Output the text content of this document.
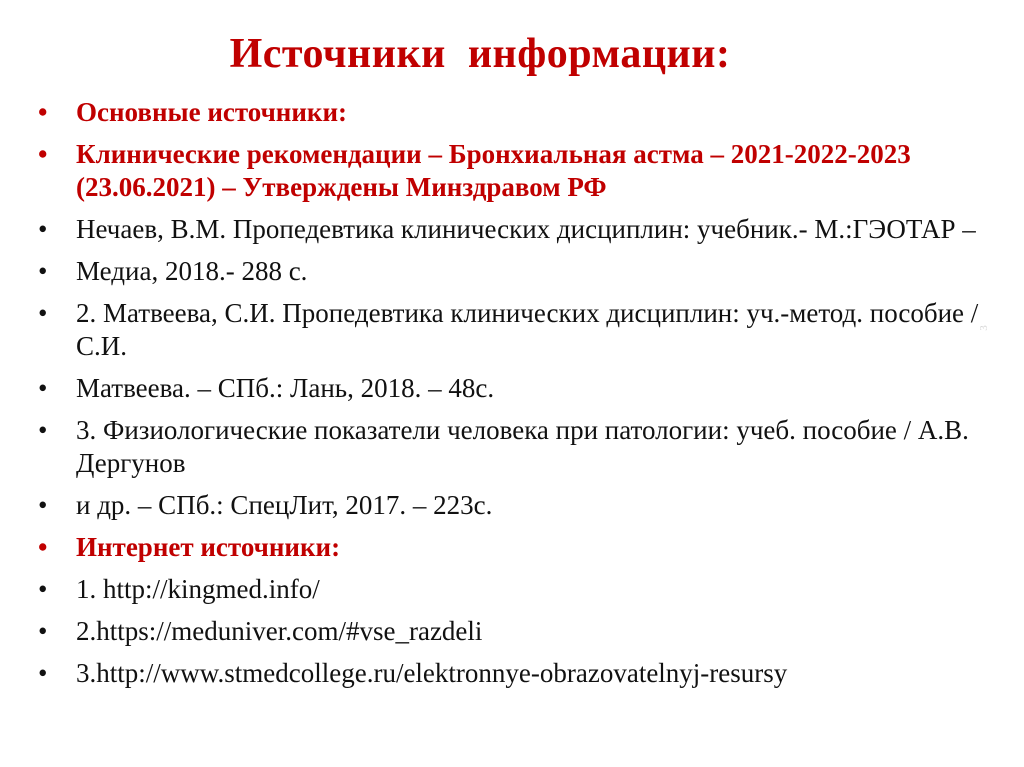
Источники  информации:
• Основные источники:
• Клинические рекомендации – Бронхиальная астма – 2021-2022-2023 (23.06.2021) – Утверждены Минздравом РФ
• Нечаев, В.М. Пропедевтика клинических дисциплин: учебник.- М.:ГЭОТАР –
• Медиа, 2018.- 288 с.
• 2. Матвеева, С.И. Пропедевтика клинических дисциплин: уч.-метод. пособие / С.И.
• Матвеева. – СПб.: Лань, 2018. – 48с.
• 3. Физиологические показатели человека при патологии: учеб. пособие / А.В. Дергунов
• и др. – СПб.: СпецЛит, 2017. – 223с.
• Интернет источники:
• 1. http://kingmed.info/
• 2.https://meduniver.com/#vse_razdeli
• 3.http://www.stmedcollege.ru/elektronnye-obrazovatelnyj-resursy
3
